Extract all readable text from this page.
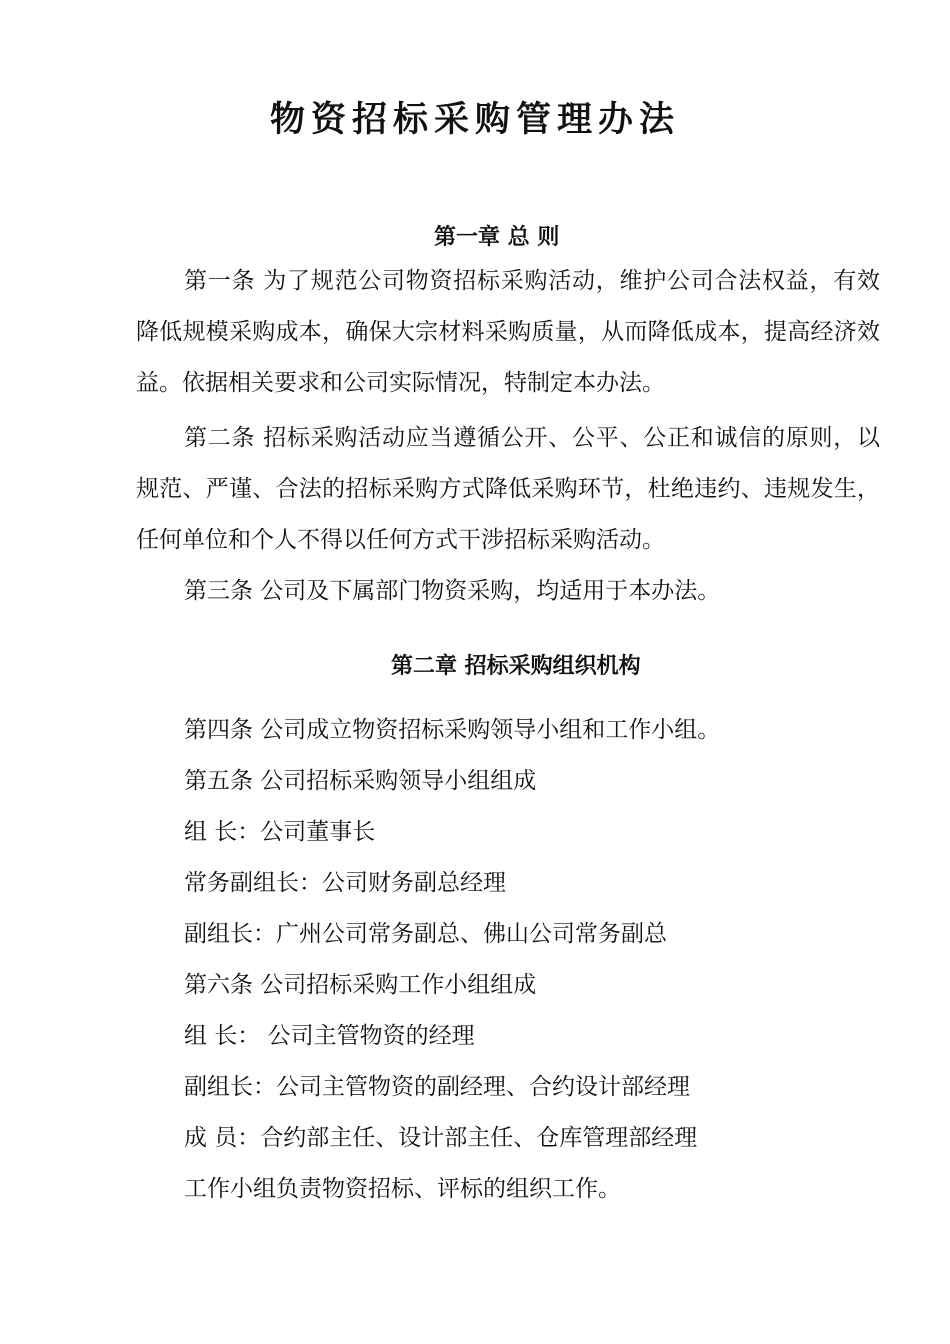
物资招标采购管理办法
第一章 总 则
第一条 为了规范公司物资招标采购活动，维护公司合法权益，有效降低规模采购成本，确保大宗材料采购质量，从而降低成本，提高经济效益。依据相关要求和公司实际情况，特制定本办法。
第二条 招标采购活动应当遵循公开、公平、公正和诚信的原则，以规范、严谨、合法的招标采购方式降低采购环节，杜绝违约、违规发生，任何单位和个人不得以任何方式干涉招标采购活动。
第三条 公司及下属部门物资采购，均适用于本办法。
第二章 招标采购组织机构
第四条 公司成立物资招标采购领导小组和工作小组。
第五条 公司招标采购领导小组组成
组 长：公司董事长
常务副组长：公司财务副总经理
副组长：广州公司常务副总、佛山公司常务副总
第六条 公司招标采购工作小组组成
组 长： 公司主管物资的经理
副组长：公司主管物资的副经理、合约设计部经理
成 员：合约部主任、设计部主任、仓库管理部经理
工作小组负责物资招标、评标的组织工作。
